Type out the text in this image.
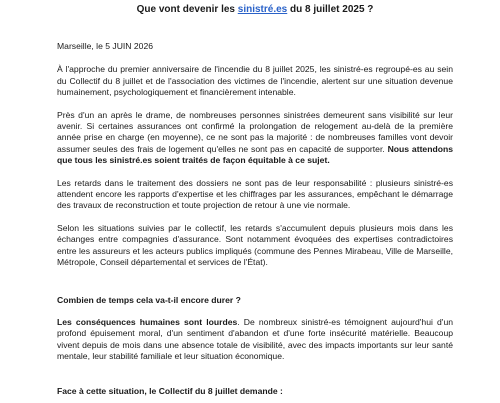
Que vont devenir les sinistré.es du 8 juillet 2025 ?

Marseille, le 5 JUIN 2026

À l'approche du premier anniversaire de l'incendie du 8 juillet 2025, les sinistré-es regroupé-es au sein du Collectif du 8 juillet et de l'association des victimes de l'incendie, alertent sur une situation devenue humainement, psychologiquement et financièrement intenable.

Près d'un an après le drame, de nombreuses personnes sinistrées demeurent sans visibilité sur leur avenir. Si certaines assurances ont confirmé la prolongation de relogement au-delà de la première année prise en charge (en moyenne), ce ne sont pas la majorité : de nombreuses familles vont devoir assumer seules des frais de logement qu'elles ne sont pas en capacité de supporter. Nous attendons que tous les sinistré.es soient traités de façon équitable à ce sujet.

Les retards dans le traitement des dossiers ne sont pas de leur responsabilité : plusieurs sinistré-es attendent encore les rapports d'expertise et les chiffrages par les assurances, empêchant le démarrage des travaux de reconstruction et toute projection de retour à une vie normale.

Selon les situations suivies par le collectif, les retards s'accumulent depuis plusieurs mois dans les échanges entre compagnies d'assurance. Sont notamment évoquées des expertises contradictoires entre les assureurs et les acteurs publics impliqués (commune des Pennes Mirabeau, Ville de Marseille, Métropole, Conseil départemental et services de l'État).

Combien de temps cela va-t-il encore durer ?

Les conséquences humaines sont lourdes. De nombreux sinistré-es témoignent aujourd'hui d'un profond épuisement moral, d'un sentiment d'abandon et d'une forte insécurité matérielle. Beaucoup vivent depuis de mois dans une absence totale de visibilité, avec des impacts importants sur leur santé mentale, leur stabilité familiale et leur situation économique.

Face à cette situation, le Collectif du 8 juillet demande :
